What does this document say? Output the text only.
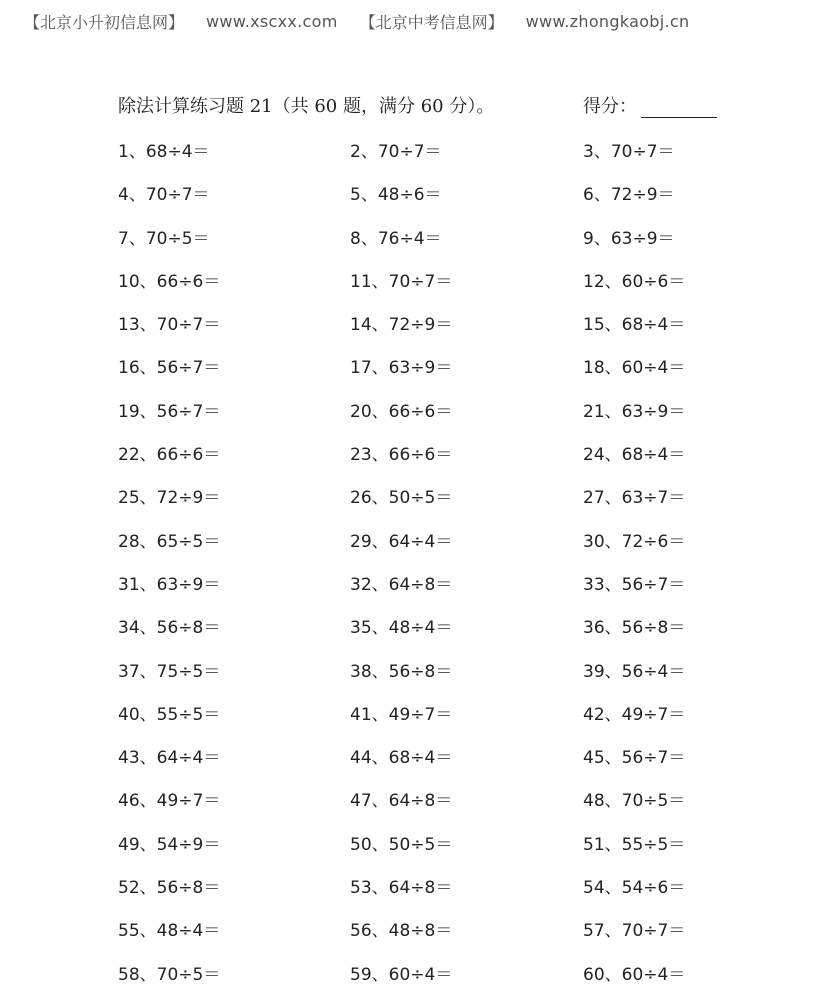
【北京小升初信息网】 www.xscxx.com 【北京中考信息网】 www.zhongkaobj.cn
除法计算练习题 21（共 60 题，满分 60 分）。	得分：
1、68÷4＝	2、70÷7＝	3、70÷7＝
4、70÷7＝	5、48÷6＝	6、72÷9＝
7、70÷5＝	8、76÷4＝	9、63÷9＝
10、66÷6＝	11、70÷7＝	12、60÷6＝
13、70÷7＝	14、72÷9＝	15、68÷4＝
16、56÷7＝	17、63÷9＝	18、60÷4＝
19、56÷7＝	20、66÷6＝	21、63÷9＝
22、66÷6＝	23、66÷6＝	24、68÷4＝
25、72÷9＝	26、50÷5＝	27、63÷7＝
28、65÷5＝	29、64÷4＝	30、72÷6＝
31、63÷9＝	32、64÷8＝	33、56÷7＝
34、56÷8＝	35、48÷4＝	36、56÷8＝
37、75÷5＝	38、56÷8＝	39、56÷4＝
40、55÷5＝	41、49÷7＝	42、49÷7＝
43、64÷4＝	44、68÷4＝	45、56÷7＝
46、49÷7＝	47、64÷8＝	48、70÷5＝
49、54÷9＝	50、50÷5＝	51、55÷5＝
52、56÷8＝	53、64÷8＝	54、54÷6＝
55、48÷4＝	56、48÷8＝	57、70÷7＝
58、70÷5＝	59、60÷4＝	60、60÷4＝
